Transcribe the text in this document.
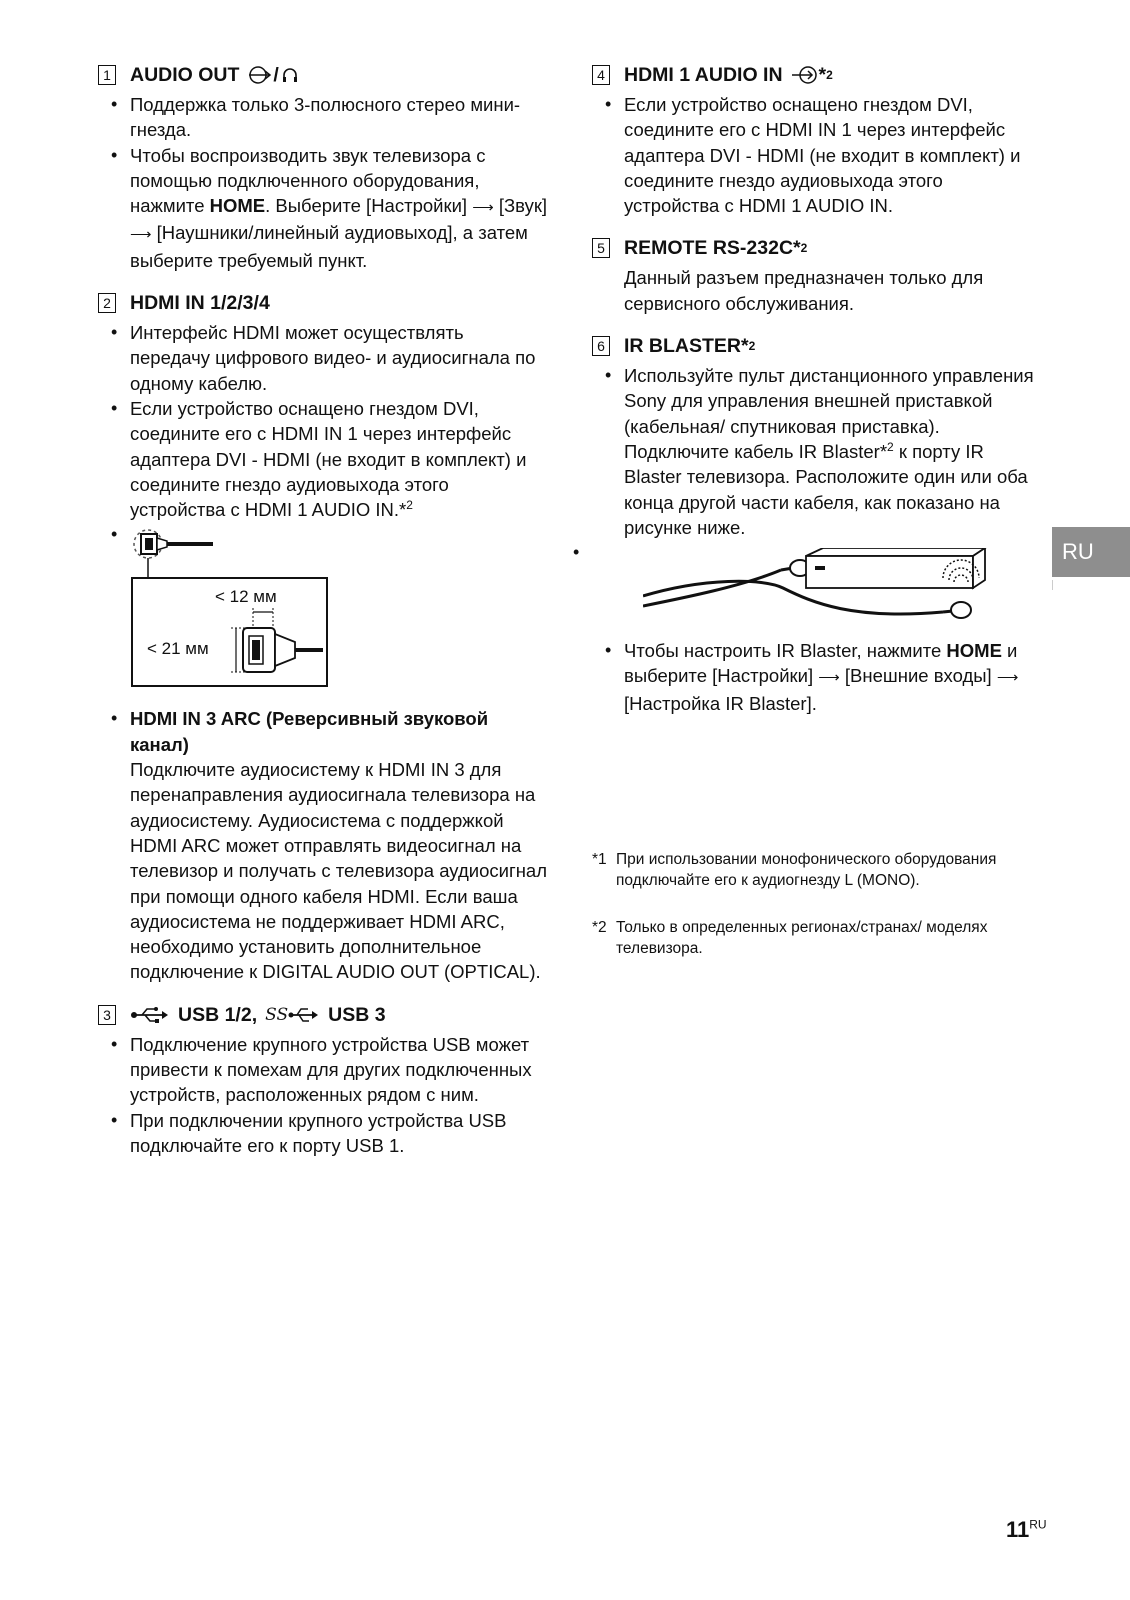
1 AUDIO OUT /
• Поддержка только 3-полюсного стерео мини-гнезда.
• Чтобы воспроизводить звук телевизора с помощью подключенного оборудования, нажмите HOME. Выберите [Настройки] ⟶ [Звук] ⟶ [Наушники/линейный аудиовыход], а затем выберите требуемый пункт.
2 HDMI IN 1/2/3/4
• Интерфейс HDMI может осуществлять передачу цифрового видео- и аудиосигнала по одному кабелю.
• Если устройство оснащено гнездом DVI, соедините его с HDMI IN 1 через интерфейс адаптера DVI - HDMI (не входит в комплект) и соедините гнездо аудиовыхода этого устройства с HDMI 1 AUDIO IN.*$^2$
• < 12 мм
< 21 мм
• HDMI IN 3 ARC (Реверсивный звуковой канал)
Подключите аудиосистему к HDMI IN 3 для перенаправления аудиосигнала телевизора на аудиосистему. Аудиосистема с поддержкой HDMI ARC может отправлять видеосигнал на телевизор и получать с телевизора аудиосигнал при помощи одного кабеля HDMI. Если ваша аудиосистема не поддерживает HDMI ARC, необходимо установить дополнительное подключение к DIGITAL AUDIO OUT (OPTICAL).
3	USB 1/2, SS USB 3
• Подключение крупного устройства USB может привести к помехам для других подключенных устройств, расположенных рядом с ним.
• При подключении крупного устройства USB подключайте его к порту USB 1.
4 HDMI 1 AUDIO IN * 2
• Если устройство оснащено гнездом DVI, соедините его с HDMI IN 1 через интерфейс адаптера DVI - HDMI (не входит в комплект) и соедините гнездо аудиовыхода этого устройства с HDMI 1 AUDIO IN.
5 REMOTE RS-232C* 2

Данный разъем предназначен только для сервисного обслуживания.

6 IR BLASTER* 2
• Используйте пульт дистанционного управления Sony для управления внешней приставкой (кабельная/ спутниковая приставка). Подключите кабель IR Blaster*$^2$ к порту IR Blaster телевизора. Расположите один или оба конца другой части кабеля, как показано на рисунке ниже.
•
• Чтобы настроить IR Blaster, нажмите HOME и выберите [Настройки] ⟶ [Внешние входы] ⟶ [Настройка IR Blaster].
*1 При использовании монофонического оборудования подключайте его к аудиогнезду L (MONO).
*2 Только в определенных регионах/странах/ моделях телевизора.
RU
$11^{RU}$
